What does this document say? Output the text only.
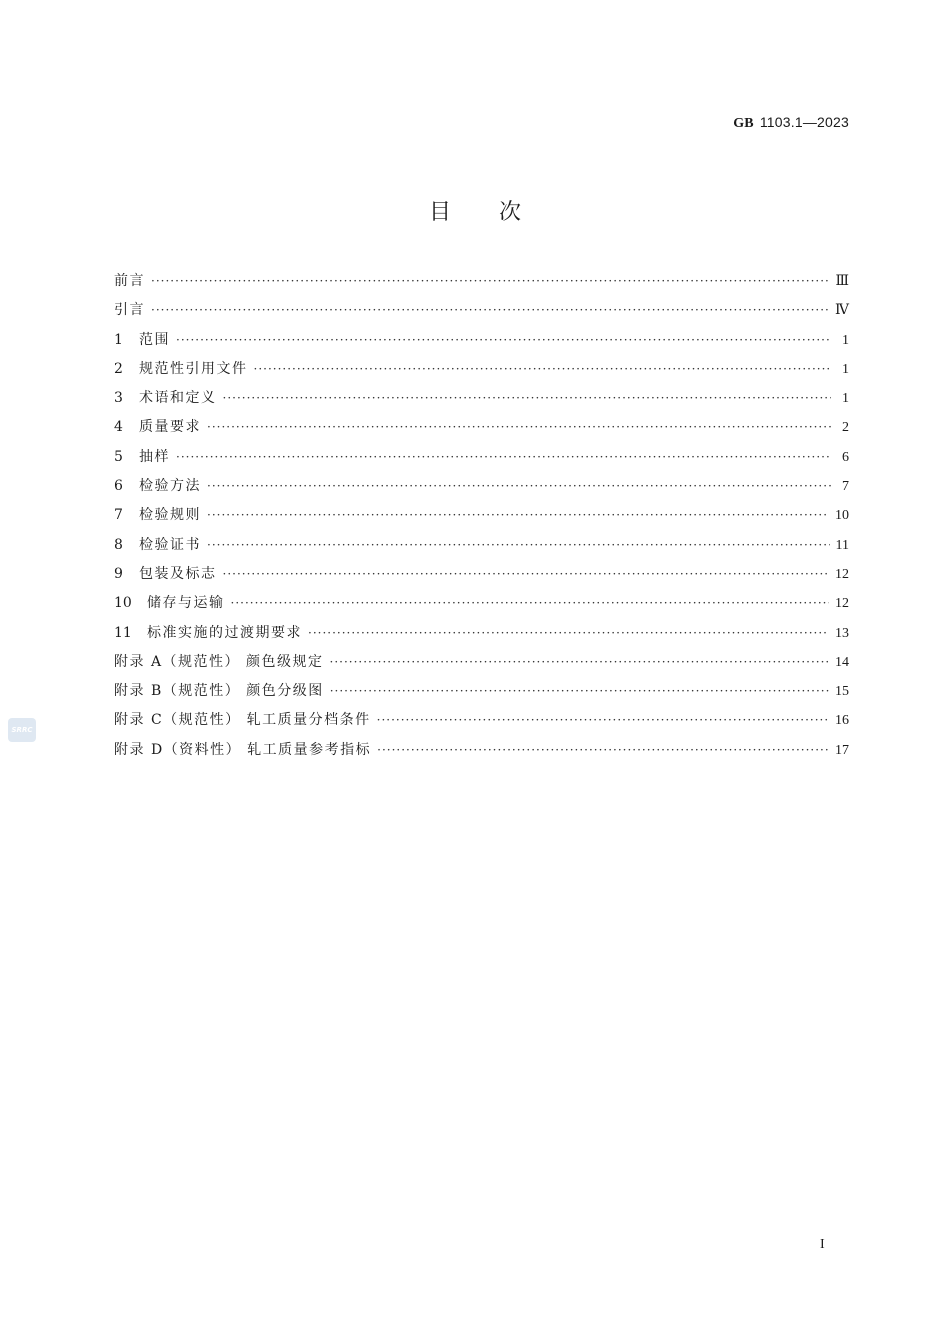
GB 1103.1—2023
目次
前言 ·····	Ⅲ
引言 ·····	Ⅳ
1	范围 ·····	1
2	规范性引用文件 ·····	1
3	术语和定义 ·····	1
4	质量要求 ·····	2
5	抽样 ·····	6
6	检验方法 ·····	7
7	检验规则 ·····	10
8	检验证书 ·····	11
9	包装及标志 ·····	12
10	储存与运输 ·····	12
11	标准实施的过渡期要求 ·····	13
附录 A（规范性） 颜色级规定 ·····	14
附录 B（规范性） 颜色分级图 ·····	15
附录 C（规范性） 轧工质量分档条件 ·····	16
附录 D（资料性） 轧工质量参考指标 ·····	17
SRRC
I
